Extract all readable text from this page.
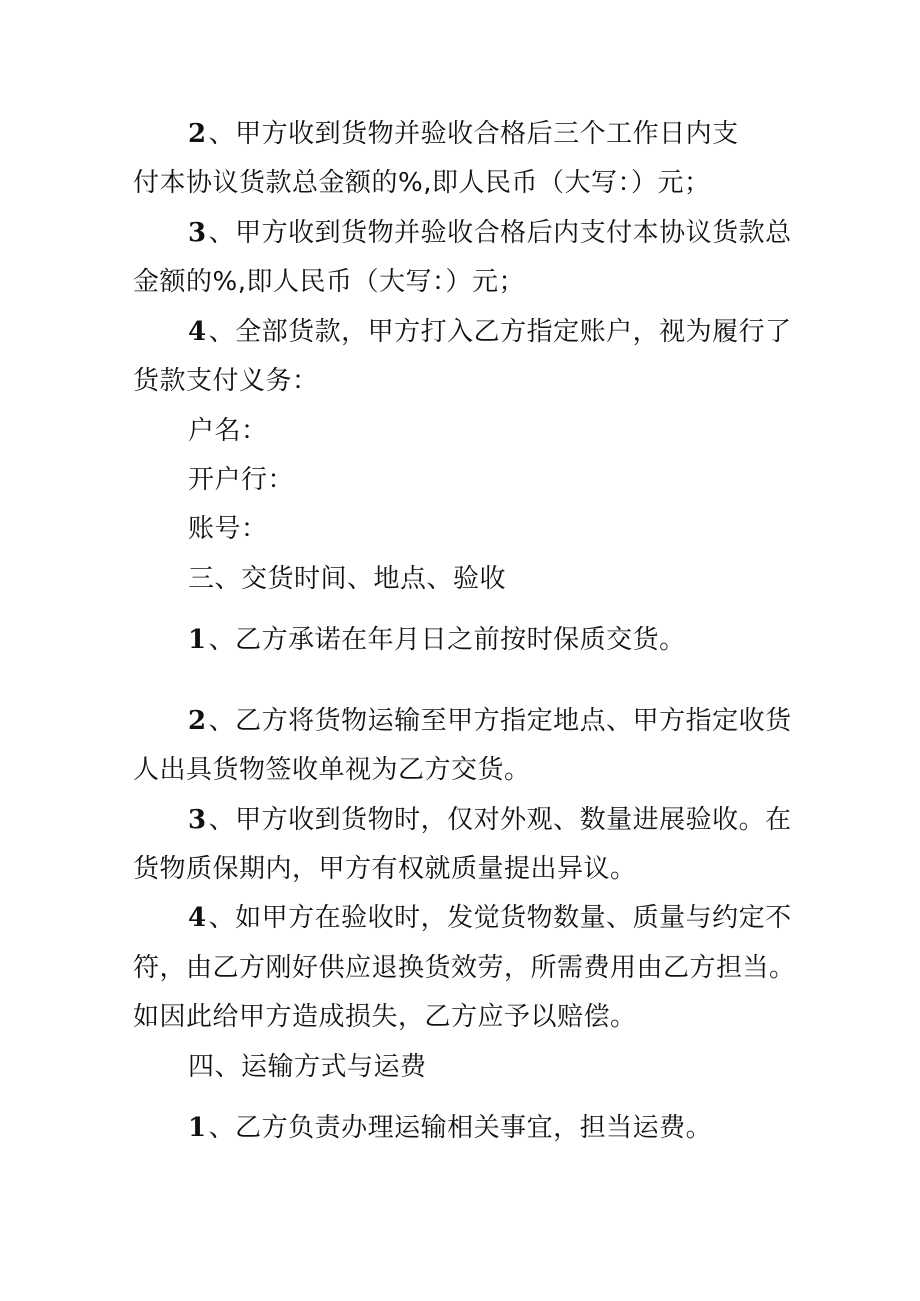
2、甲方收到货物并验收合格后三个工作日内支
付本协议货款总金额的%,即人民币（大写：）元；
3、甲方收到货物并验收合格后内支付本协议货款总
金额的%,即人民币（大写：）元；
4、全部货款，甲方打入乙方指定账户，视为履行了
货款支付义务：
户名：
开户行：
账号：
三、交货时间、地点、验收
1、乙方承诺在年月日之前按时保质交货。
2、乙方将货物运输至甲方指定地点、甲方指定收货
人出具货物签收单视为乙方交货。
3、甲方收到货物时，仅对外观、数量进展验收。在
货物质保期内，甲方有权就质量提出异议。
4、如甲方在验收时，发觉货物数量、质量与约定不
符，由乙方刚好供应退换货效劳，所需费用由乙方担当。
如因此给甲方造成损失，乙方应予以赔偿。
四、运输方式与运费
1、乙方负责办理运输相关事宜，担当运费。
